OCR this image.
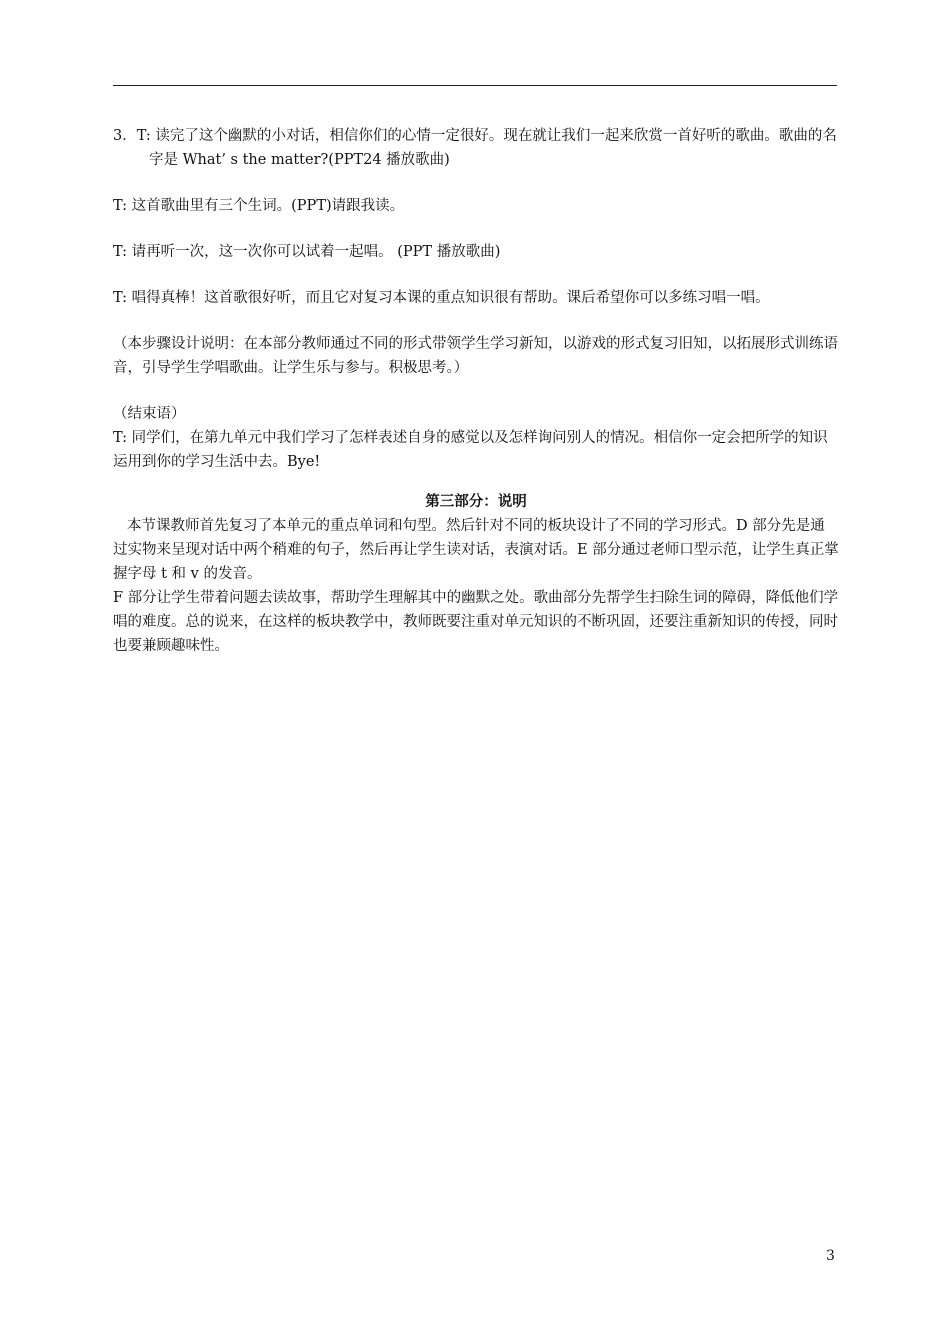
3．T: 读完了这个幽默的小对话，相信你们的心情一定很好。现在就让我们一起来欣赏一首好听的歌曲。歌曲的名字是 What’ s the matter?(PPT24 播放歌曲)

T: 这首歌曲里有三个生词。(PPT)请跟我读。

T: 请再听一次，这一次你可以试着一起唱。 (PPT 播放歌曲)

T: 唱得真棒！这首歌很好听，而且它对复习本课的重点知识很有帮助。课后希望你可以多练习唱一唱。

（本步骤设计说明：在本部分教师通过不同的形式带领学生学习新知，以游戏的形式复习旧知，以拓展形式训练语音，引导学生学唱歌曲。让学生乐与参与。积极思考。）

（结束语）

T: 同学们，在第九单元中我们学习了怎样表述自身的感觉以及怎样询问别人的情况。相信你一定会把所学的知识运用到你的学习生活中去。Bye!

第三部分：说明

本节课教师首先复习了本单元的重点单词和句型。然后针对不同的板块设计了不同的学习形式。D 部分先是通过实物来呈现对话中两个稍难的句子，然后再让学生读对话，表演对话。E 部分通过老师口型示范，让学生真正掌握字母 t 和 v 的发音。

F 部分让学生带着问题去读故事，帮助学生理解其中的幽默之处。歌曲部分先帮学生扫除生词的障碍，降低他们学唱的难度。总的说来，在这样的板块教学中，教师既要注重对单元知识的不断巩固，还要注重新知识的传授，同时也要兼顾趣味性。

3
